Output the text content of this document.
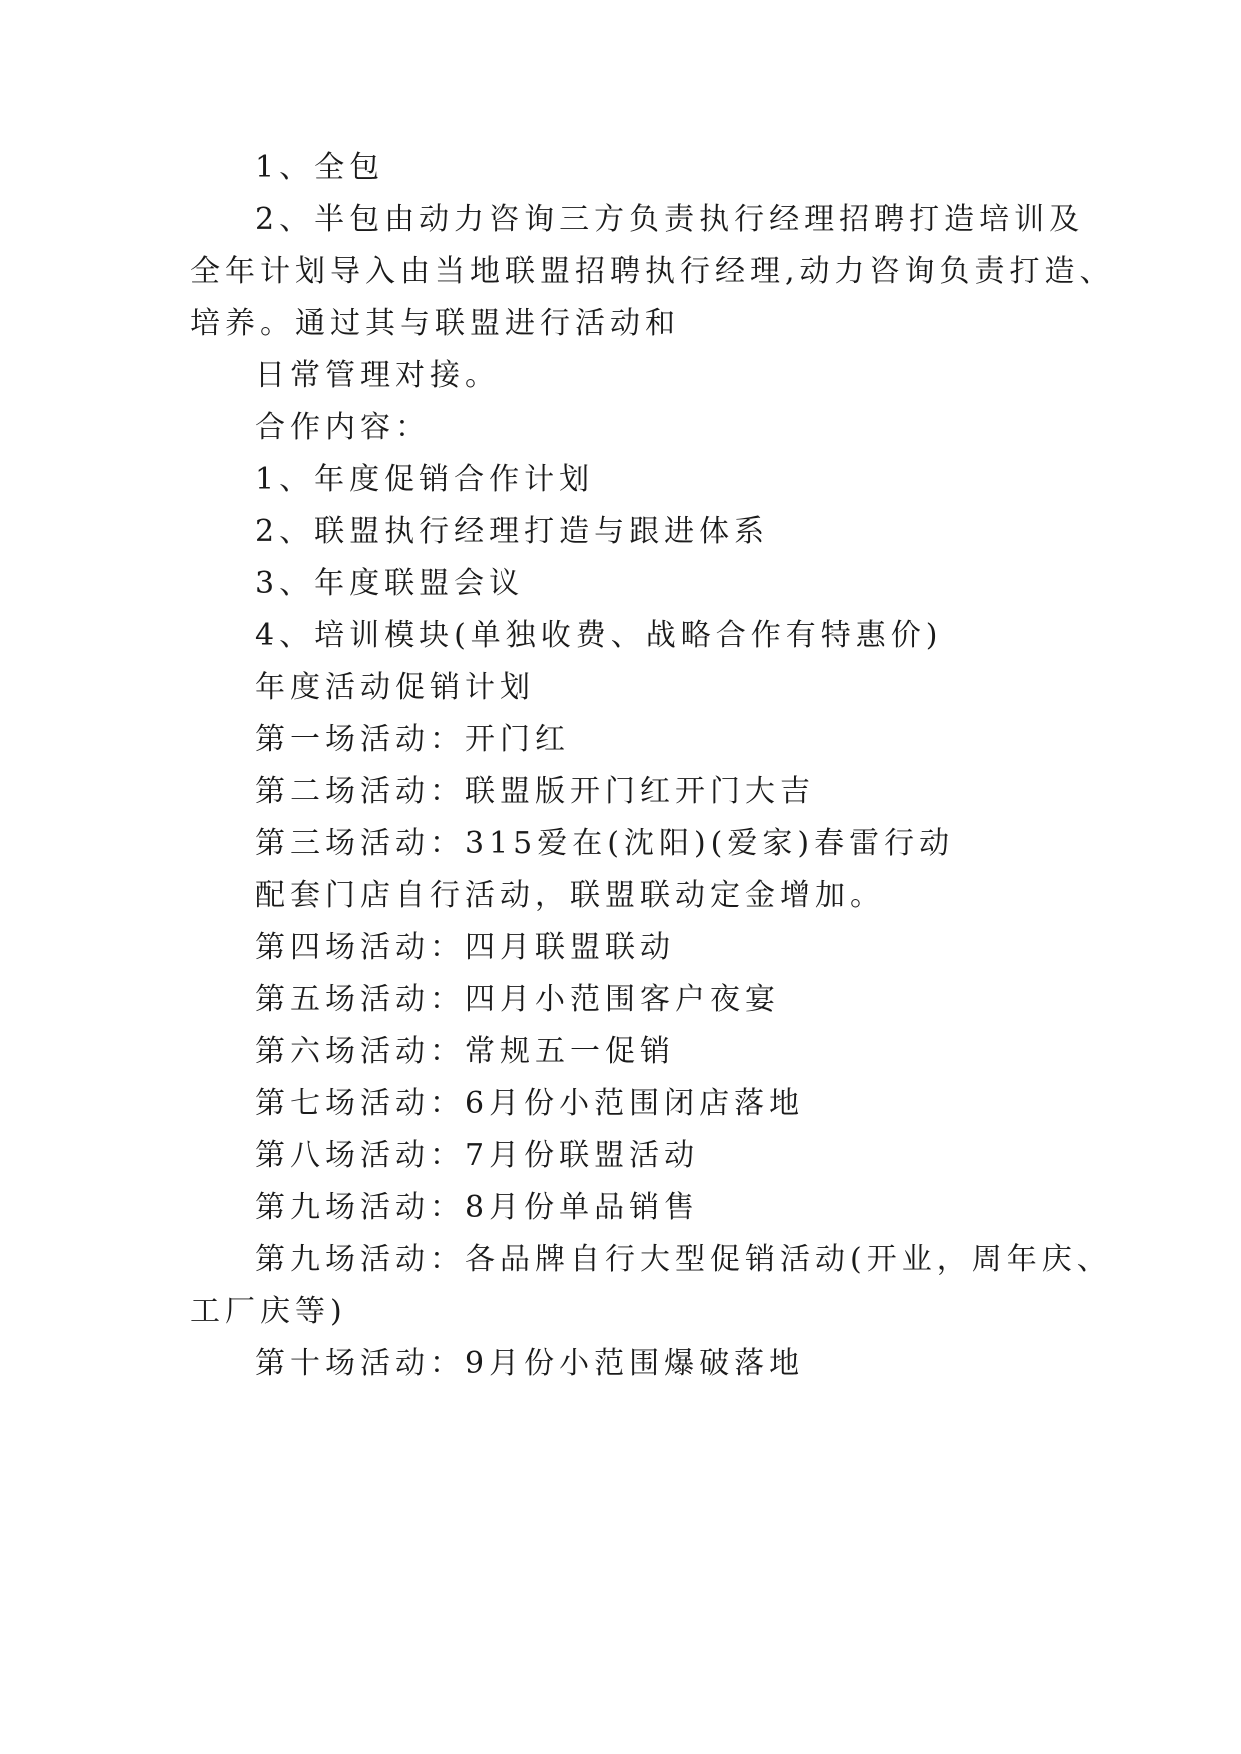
1、全包
2、半包由动力咨询三方负责执行经理招聘打造培训及
全年计划导入由当地联盟招聘执行经理,动力咨询负责打造、
培养。通过其与联盟进行活动和
日常管理对接。
合作内容：
1、年度促销合作计划
2、联盟执行经理打造与跟进体系
3、年度联盟会议
4、培训模块(单独收费、战略合作有特惠价)
年度活动促销计划
第一场活动：开门红
第二场活动：联盟版开门红开门大吉
第三场活动：315爱在(沈阳)(爱家)春雷行动
配套门店自行活动，联盟联动定金增加。
第四场活动：四月联盟联动
第五场活动：四月小范围客户夜宴
第六场活动：常规五一促销
第七场活动：6月份小范围闭店落地
第八场活动：7月份联盟活动
第九场活动：8月份单品销售
第九场活动：各品牌自行大型促销活动(开业，周年庆、
工厂庆等)
第十场活动：9月份小范围爆破落地
